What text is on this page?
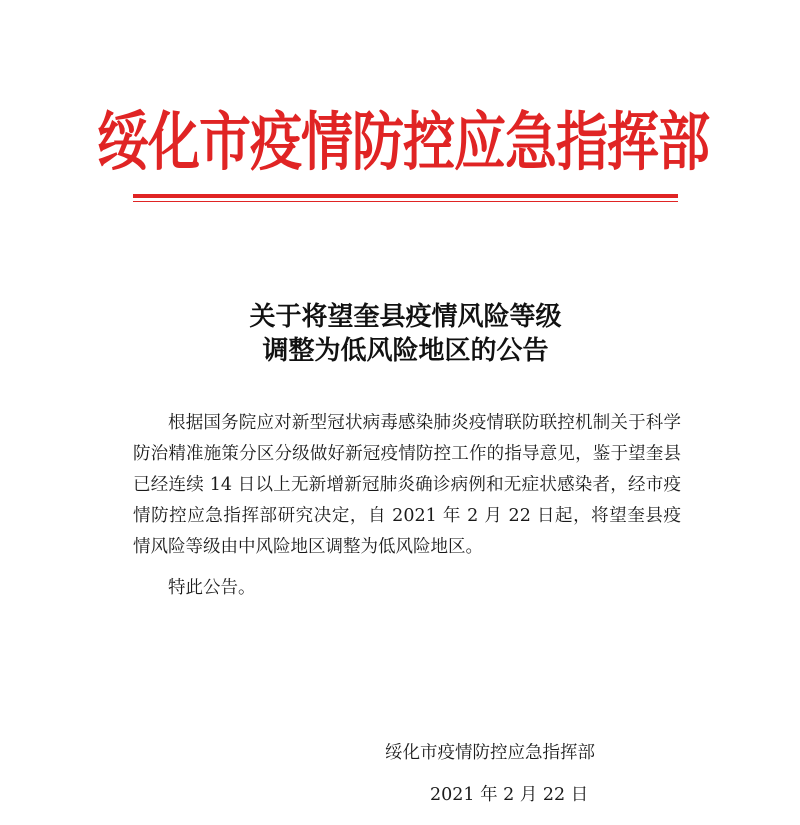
绥化市疫情防控应急指挥部
关于将望奎县疫情风险等级
调整为低风险地区的公告

根据国务院应对新型冠状病毒感染肺炎疫情联防联控机制关于科学防治精准施策分区分级做好新冠疫情防控工作的指导意见，鉴于望奎县已经连续 14 日以上无新增新冠肺炎确诊病例和无症状感染者，经市疫情防控应急指挥部研究决定，自 2021 年 2 月 22 日起，将望奎县疫情风险等级由中风险地区调整为低风险地区。

特此公告。

绥化市疫情防控应急指挥部
2021 年 2 月 22 日
